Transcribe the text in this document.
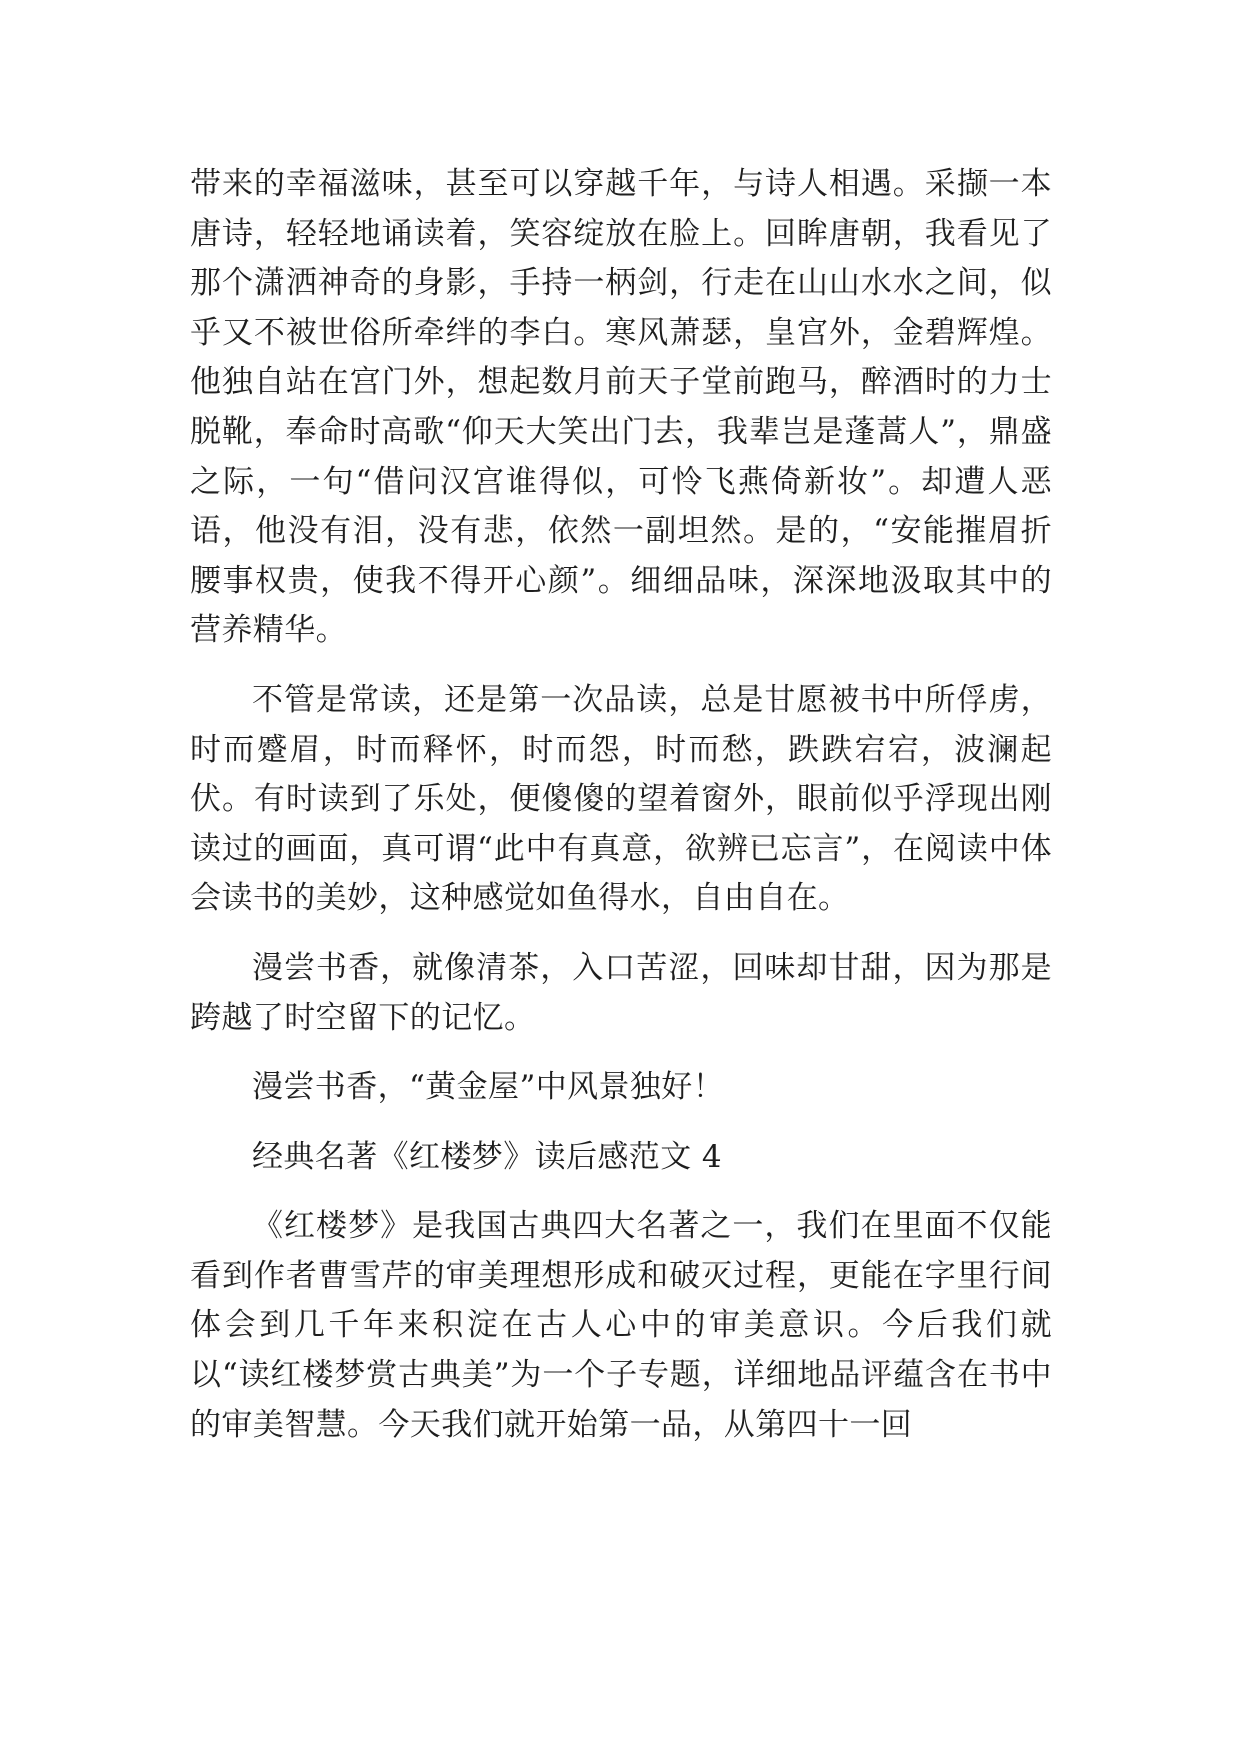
带来的幸福滋味，甚至可以穿越千年，与诗人相遇。采撷一本唐诗，轻轻地诵读着，笑容绽放在脸上。回眸唐朝，我看见了那个潇洒神奇的身影，手持一柄剑，行走在山山水水之间，似乎又不被世俗所牵绊的李白。寒风萧瑟，皇宫外，金碧辉煌。他独自站在宫门外，想起数月前天子堂前跑马，醉酒时的力士脱靴，奉命时高歌“仰天大笑出门去，我辈岂是蓬蒿人”，鼎盛之际，一句“借问汉宫谁得似，可怜飞燕倚新妆”。却遭人恶语，他没有泪，没有悲，依然一副坦然。是的，“安能摧眉折腰事权贵，使我不得开心颜”。细细品味，深深地汲取其中的营养精华。

不管是常读，还是第一次品读，总是甘愿被书中所俘虏，时而蹙眉，时而释怀，时而怨，时而愁，跌跌宕宕，波澜起伏。有时读到了乐处，便傻傻的望着窗外，眼前似乎浮现出刚读过的画面，真可谓“此中有真意，欲辨已忘言”，在阅读中体会读书的美妙，这种感觉如鱼得水，自由自在。

漫尝书香，就像清茶，入口苦涩，回味却甘甜，因为那是跨越了时空留下的记忆。

漫尝书香，“黄金屋”中风景独好！

经典名著《红楼梦》读后感范文 4

《红楼梦》是我国古典四大名著之一，我们在里面不仅能看到作者曹雪芹的审美理想形成和破灭过程，更能在字里行间体会到几千年来积淀在古人心中的审美意识。今后我们就以“读红楼梦赏古典美”为一个子专题，详细地品评蕴含在书中的审美智慧。今天我们就开始第一品，从第四十一回
